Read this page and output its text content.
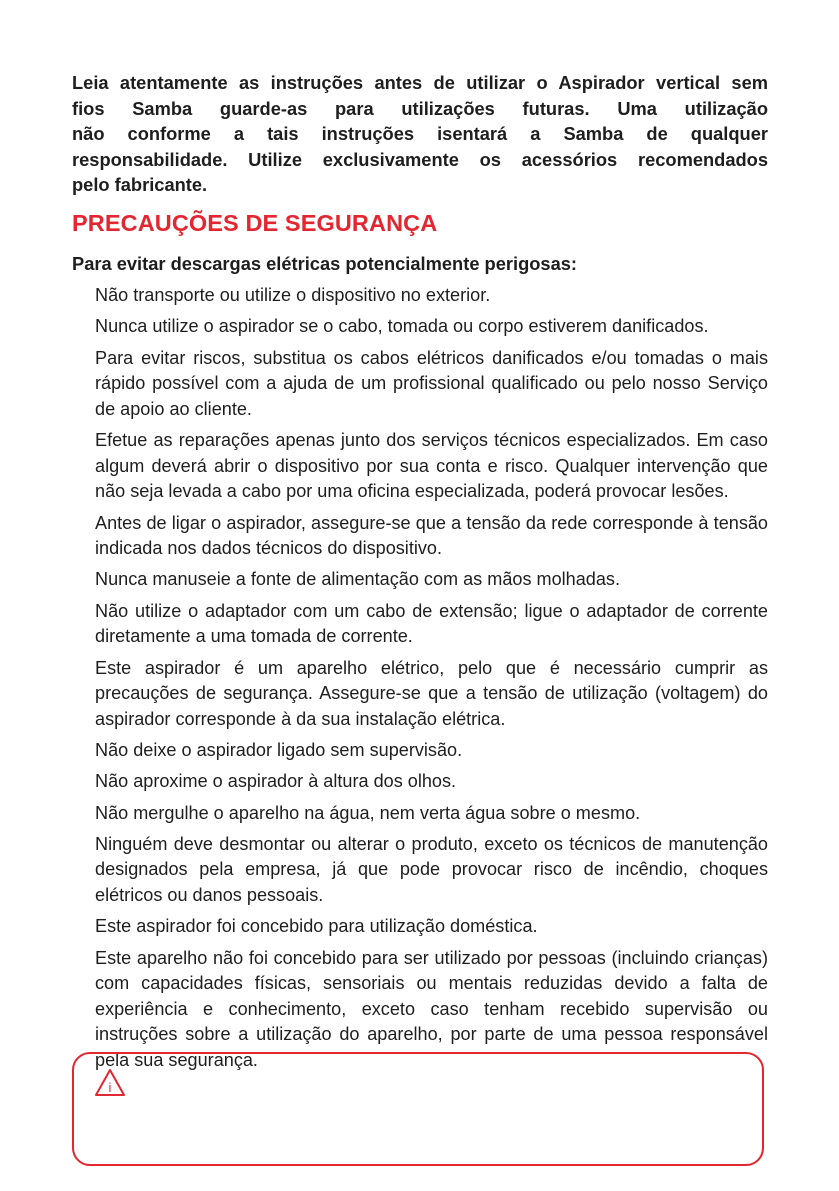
Leia atentamente as instruções antes de utilizar o Aspirador vertical sem
fios Samba guarde-as para utilizações futuras. Uma utilização
não conforme a tais instruções isentará a Samba de qualquer
responsabilidade. Utilize exclusivamente os acessórios recomendados
pelo fabricante.
PRECAUÇÕES DE SEGURANÇA

Para evitar descargas elétricas potencialmente perigosas:

Não transporte ou utilize o dispositivo no exterior.
Nunca utilize o aspirador se o cabo, tomada ou corpo estiverem danificados.
Para evitar riscos, substitua os cabos elétricos danificados e/ou tomadas o mais rápido possível com a ajuda de um profissional qualificado ou pelo nosso Serviço de apoio ao cliente.
Efetue as reparações apenas junto dos serviços técnicos especializados. Em caso algum deverá abrir o dispositivo por sua conta e risco. Qualquer intervenção que não seja levada a cabo por uma oficina especializada, poderá provocar lesões.
Antes de ligar o aspirador, assegure-se que a tensão da rede corresponde à tensão indicada nos dados técnicos do dispositivo.
Nunca manuseie a fonte de alimentação com as mãos molhadas.
Não utilize o adaptador com um cabo de extensão; ligue o adaptador de corrente diretamente a uma tomada de corrente.
Este aspirador é um aparelho elétrico, pelo que é necessário cumprir as precauções de segurança. Assegure-se que a tensão de utilização (voltagem) do aspirador corresponde à da sua instalação elétrica.
Não deixe o aspirador ligado sem supervisão.
Não aproxime o aspirador à altura dos olhos.
Não mergulhe o aparelho na água, nem verta água sobre o mesmo.
Ninguém deve desmontar ou alterar o produto, exceto os técnicos de manutenção designados pela empresa, já que pode provocar risco de incêndio, choques elétricos ou danos pessoais.
Este aspirador foi concebido para utilização doméstica.
Este aparelho não foi concebido para ser utilizado por pessoas (incluindo crianças) com capacidades físicas, sensoriais ou mentais reduzidas devido a falta de experiência e conhecimento, exceto caso tenham recebido supervisão ou instruções sobre a utilização do aparelho, por parte de uma pessoa responsável pela sua segurança.
i
